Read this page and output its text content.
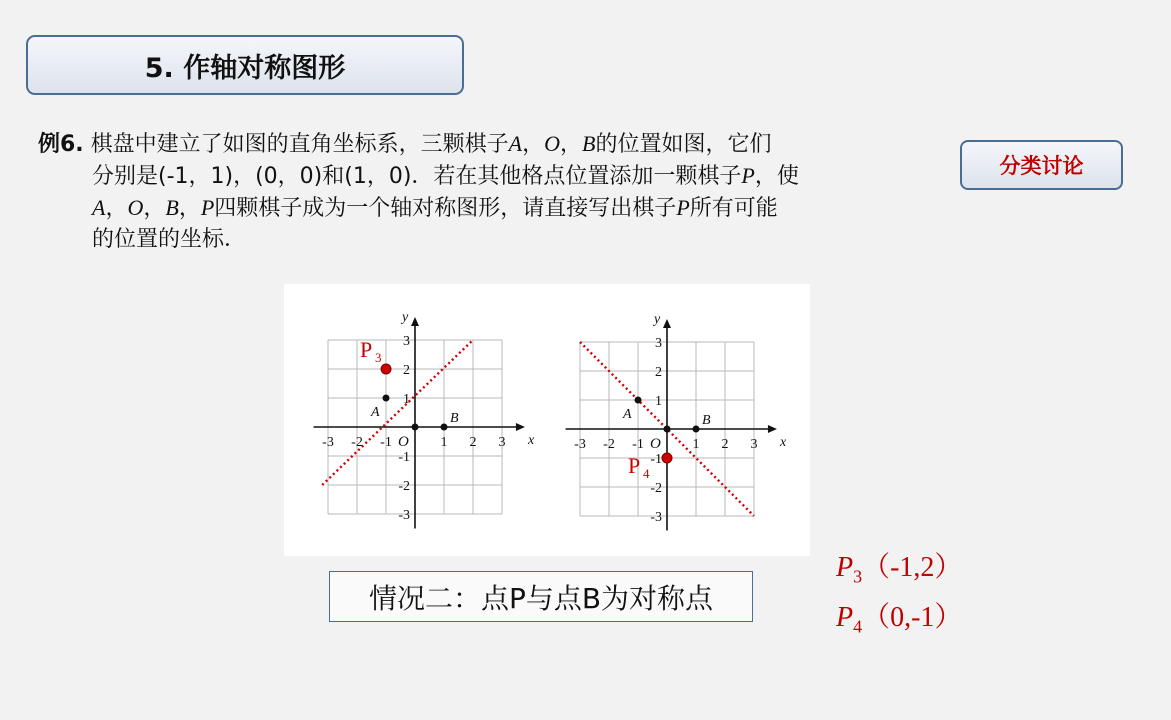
5. 作轴对称图形
例6. 棋盘中建立了如图的直角坐标系，三颗棋子A，O，B的位置如图，它们
分别是(-1，1)，(0，0)和(1，0)．若在其他格点位置添加一颗棋子P，使
A，O，B，P四颗棋子成为一个轴对称图形，请直接写出棋子P所有可能
的位置的坐标．
分类讨论
x
y
-3 -2 -1	1 2 3
3
2
1
-1
-2
-3
O
A	B
P 3
x
y
-3 -2 -1	1 2 3
3
2
1
-1
-2
-3
O
A	B
P 4
情况二：点P与点B为对称点
$P_3(-1,2)$
$P_4(0,-1)$
